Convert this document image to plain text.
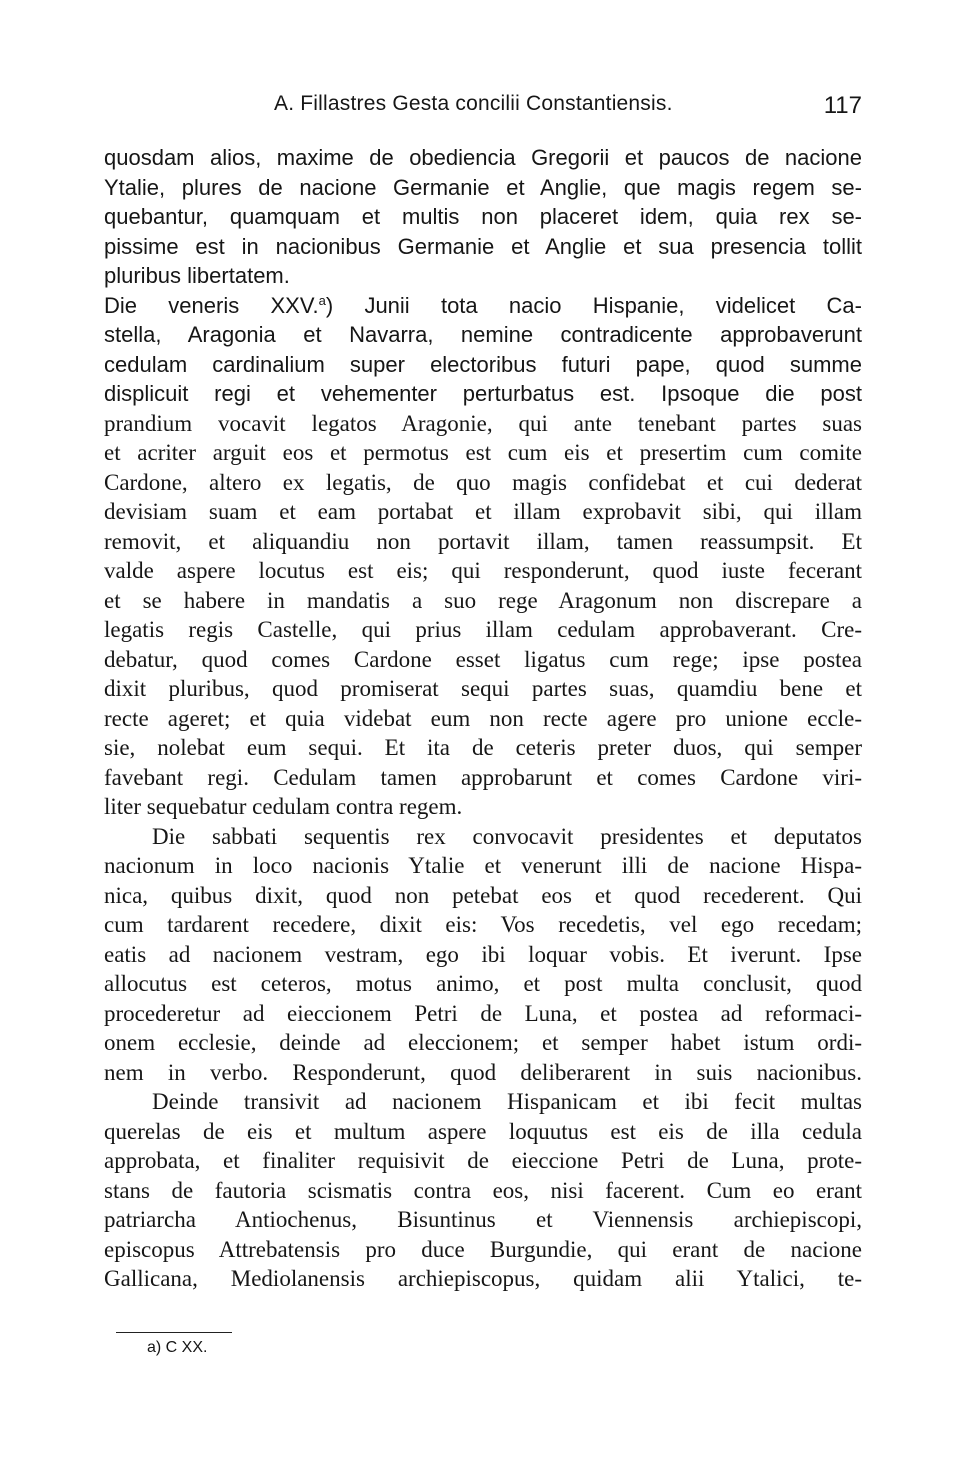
A. Fillastres Gesta concilii Constantiensis.	117
quosdam alios, maxime de obediencia Gregorii et paucos de nacione
Ytalie, plures de nacione Germanie et Anglie, que magis regem se-
quebantur, quamquam et multis non placeret idem, quia rex se-
pissime est in nacionibus Germanie et Anglie et sua presencia tollit
pluribus libertatem.
Die veneris XXV.$^a$) Junii tota nacio Hispanie, videlicet Ca-
stella, Aragonia et Navarra, nemine contradicente approbaverunt
cedulam cardinalium super electoribus futuri pape, quod summe
displicuit regi et vehementer perturbatus est. Ipsoque die post
prandium vocavit legatos Aragonie, qui ante tenebant partes suas
et acriter arguit eos et permotus est cum eis et presertim cum comite
Cardone, altero ex legatis, de quo magis confidebat et cui dederat
devisiam suam et eam portabat et illam exprobavit sibi, qui illam
removit, et aliquandiu non portavit illam, tamen reassumpsit. Et
valde aspere locutus est eis; qui responderunt, quod iuste fecerant
et se habere in mandatis a suo rege Aragonum non discrepare a
legatis regis Castelle, qui prius illam cedulam approbaverant. Cre-
debatur, quod comes Cardone esset ligatus cum rege; ipse postea
dixit pluribus, quod promiserat sequi partes suas, quamdiu bene et
recte ageret; et quia videbat eum non recte agere pro unione eccle-
sie, nolebat eum sequi. Et ita de ceteris preter duos, qui semper
favebant regi. Cedulam tamen approbarunt et comes Cardone viri-
liter sequebatur cedulam contra regem.
Die sabbati sequentis rex convocavit presidentes et deputatos
nacionum in loco nacionis Ytalie et venerunt illi de nacione Hispa-
nica, quibus dixit, quod non petebat eos et quod recederent. Qui
cum tardarent recedere, dixit eis: Vos recedetis, vel ego recedam;
eatis ad nacionem vestram, ego ibi loquar vobis. Et iverunt. Ipse
allocutus est ceteros, motus animo, et post multa conclusit, quod
procederetur ad eieccionem Petri de Luna, et postea ad reformaci-
onem ecclesie, deinde ad eleccionem; et semper habet istum ordi-
nem in verbo. Responderunt, quod deliberarent in suis nacionibus.
Deinde transivit ad nacionem Hispanicam et ibi fecit multas
querelas de eis et multum aspere loquutus est eis de illa cedula
approbata, et finaliter requisivit de eieccione Petri de Luna, prote-
stans de fautoria scismatis contra eos, nisi facerent. Cum eo erant
patriarcha Antiochenus, Bisuntinus et Viennensis archiepiscopi,
episcopus Attrebatensis pro duce Burgundie, qui erant de nacione
Gallicana, Mediolanensis archiepiscopus, quidam alii Ytalici, te-
a) C XX.
